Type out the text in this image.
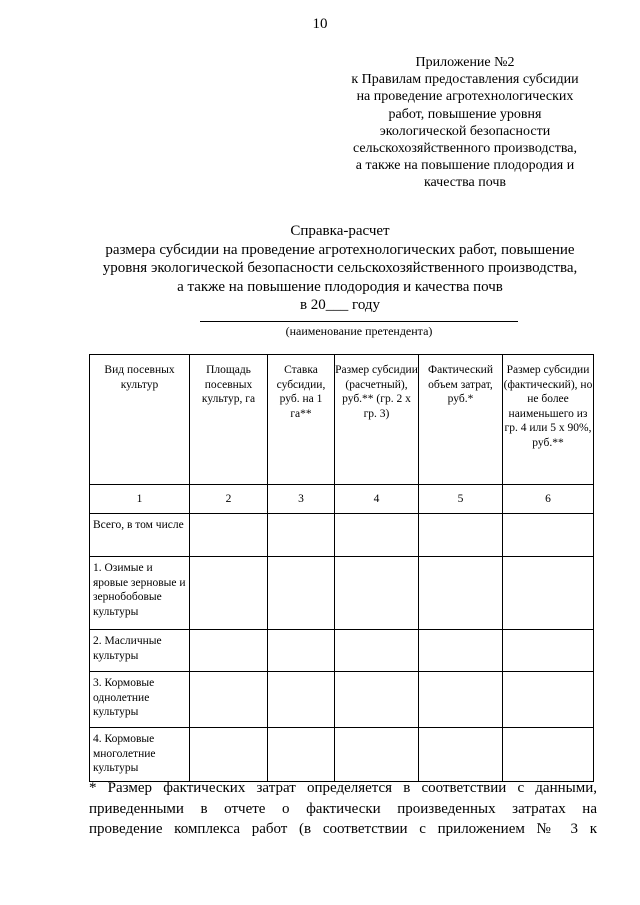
10
Приложение №2
к Правилам предоставления субсидии
на проведение агротехнологических
работ, повышение уровня
экологической безопасности
сельскохозяйственного производства,
а также на повышение плодородия и
качества почв
Справка-расчет
размера субсидии на проведение агротехнологических работ, повышение
уровня экологической безопасности сельскохозяйственного производства,
а также на повышение плодородия и качества почв
в 20___ году
(наименование претендента)
Вид посевных культур	Площадь посевных культур, га	Ставка субсидии, руб. на 1 га**	Размер субсидии (расчетный), руб.** (гр. 2 х гр. 3)	Фактический объем затрат, руб.*	Размер субсидии (фактический), но не более наименьшего из гр. 4 или 5 х 90%, руб.**
1	2	3	4	5	6
Всего, в том числе					
1. Озимые и яровые зерновые и зернобобовые культуры					
2. Масличные культуры					
3. Кормовые однолетние культуры					
4. Кормовые многолетние культуры					
* Размер фактических затрат определяется в соответствии с данными,
приведенными в отчете о фактически произведенных затратах на
проведение комплекса работ (в соответствии с приложением № 3 к
